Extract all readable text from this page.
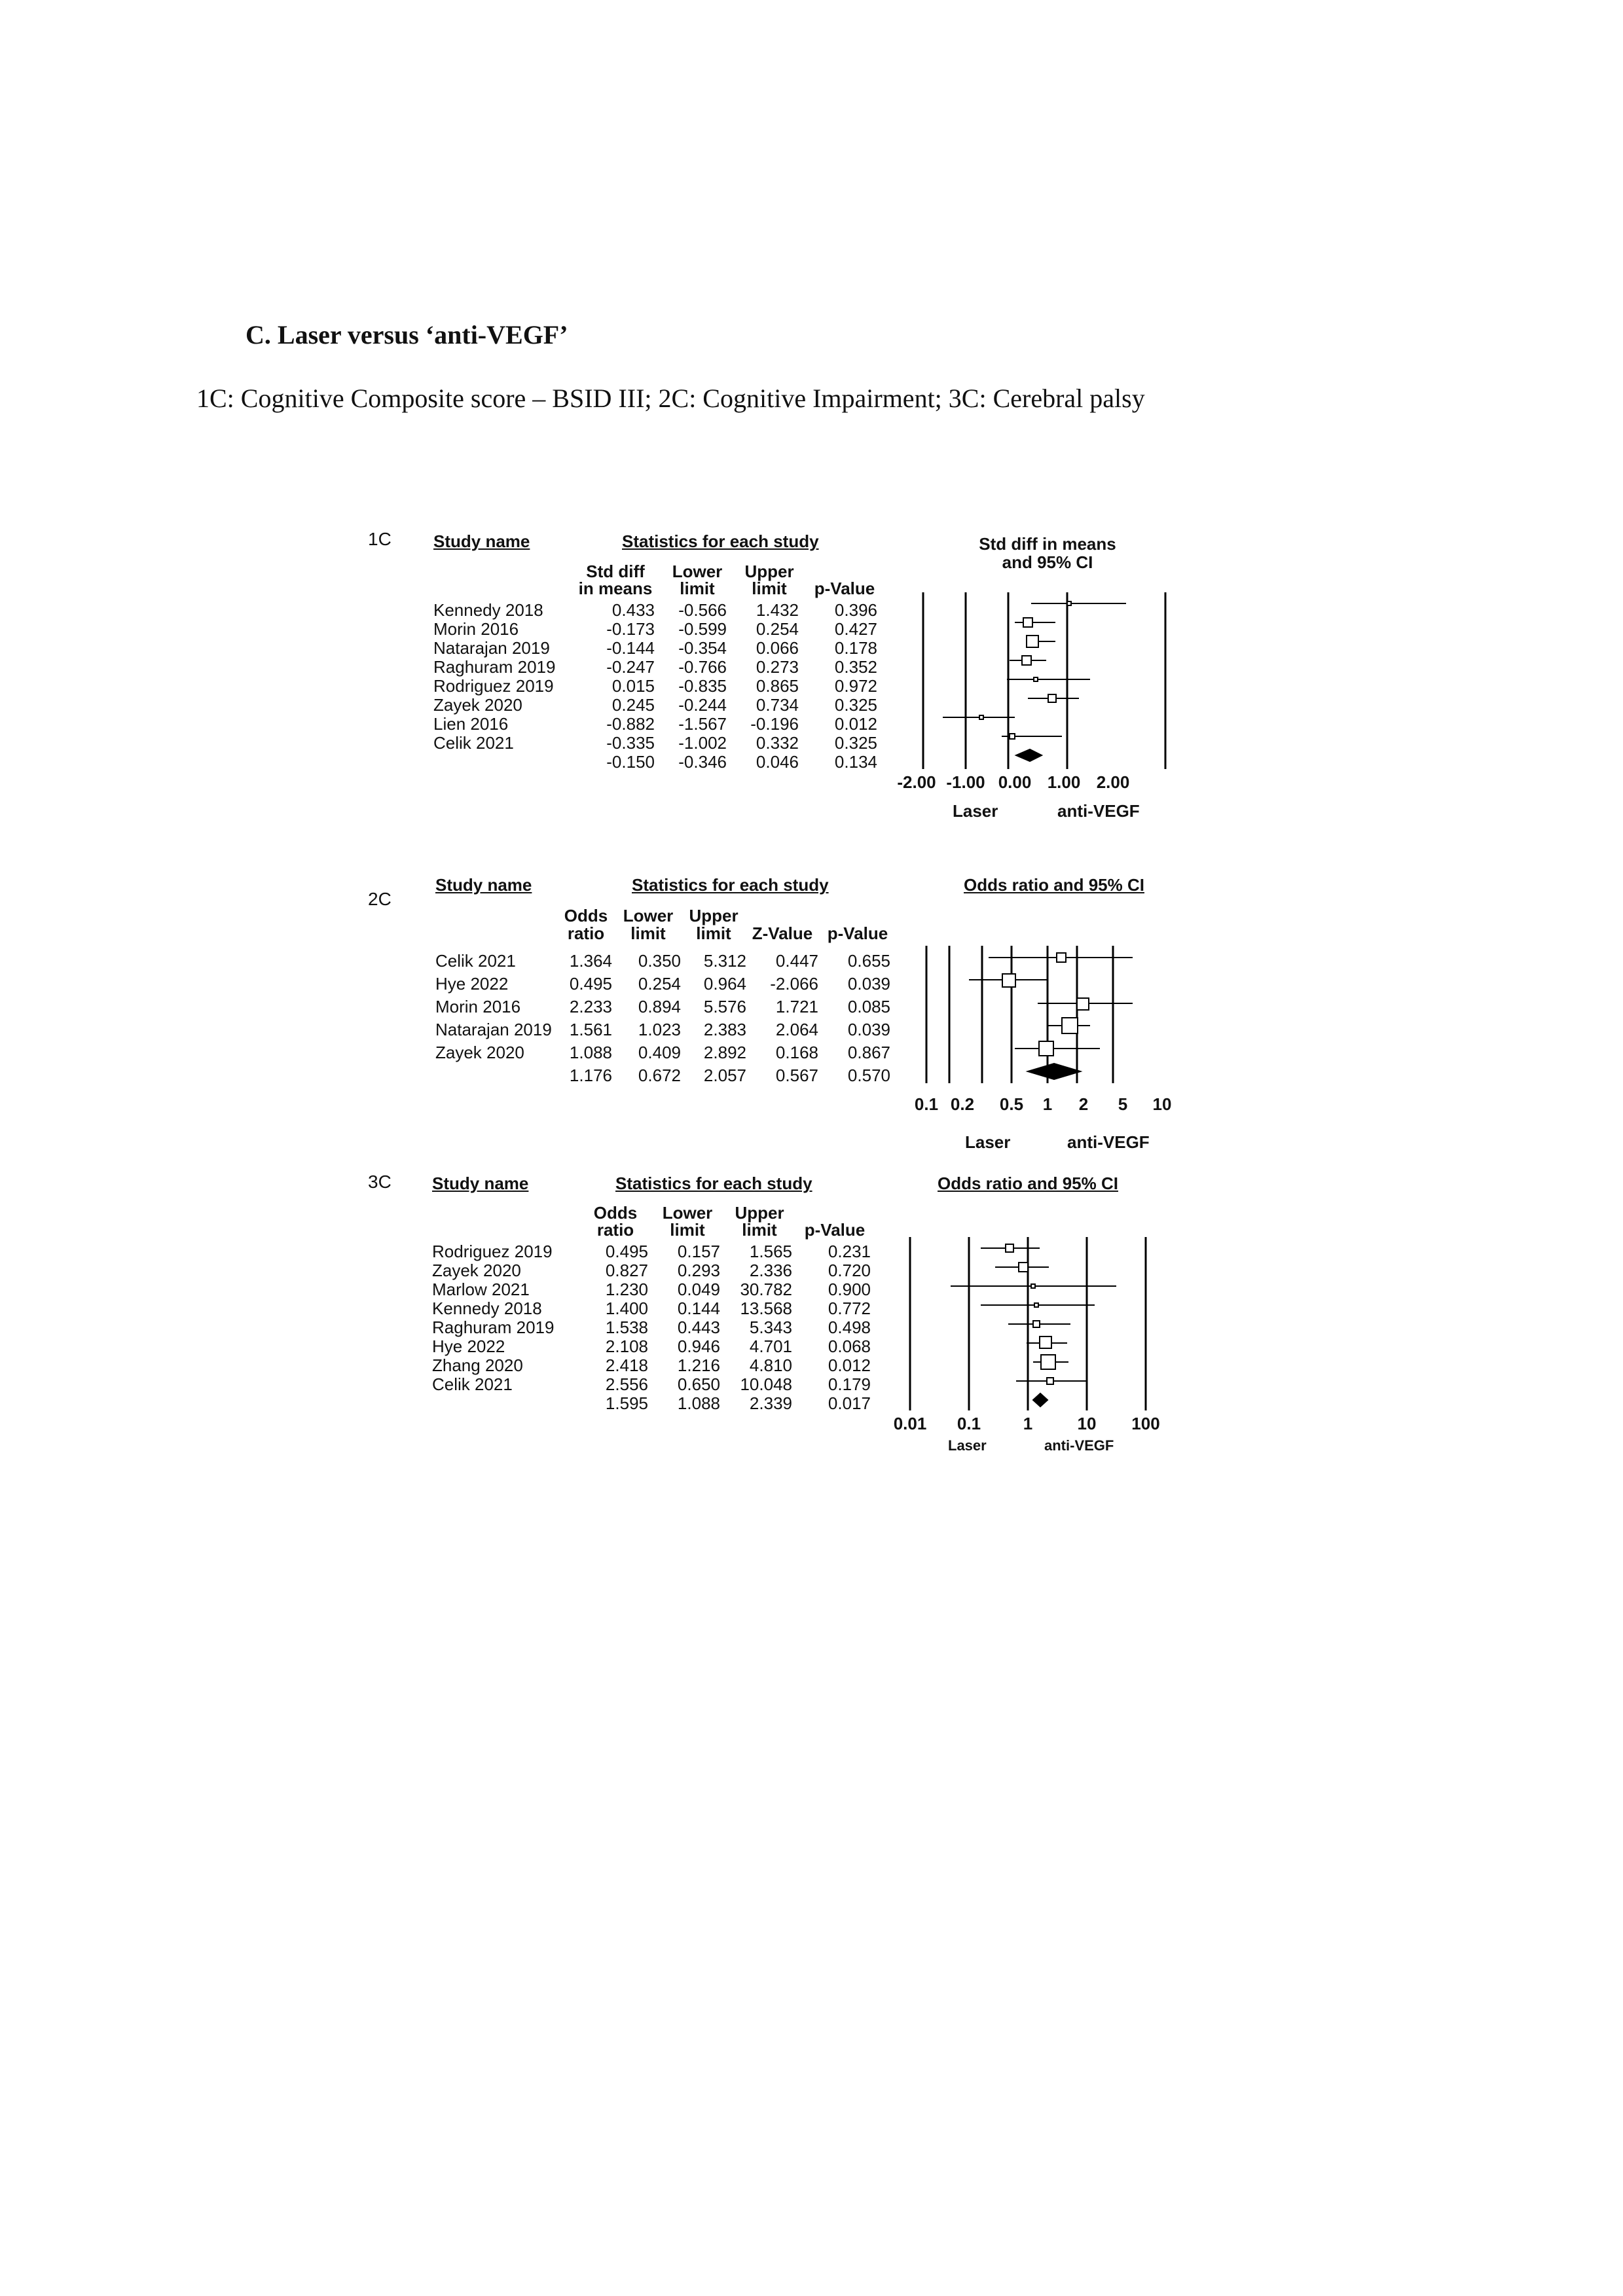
C. Laser versus ‘anti-VEGF’
1C: Cognitive Composite score – BSID III; 2C: Cognitive Impairment; 3C: Cerebral palsy
1C Study name	Statistics for each study	Std diff in means
and 95% CI
Std diff
in means
Lower
limit
Upper
limit	p-Value
Kennedy 2018	0.433	-0.566	1.432	0.396
Morin 2016	-0.173	-0.599	0.254	0.427
Natarajan 2019	-0.144	-0.354	0.066	0.178
Raghuram 2019	-0.247	-0.766	0.273	0.352
Rodriguez 2019	0.015	-0.835	0.865	0.972
Zayek 2020	0.245	-0.244	0.734	0.325
Lien 2016	-0.882	-1.567	-0.196	0.012
Celik 2021	-0.335	-1.002	0.332	0.325
-0.150	-0.346	0.046	0.134
-2.00 -1.00 0.00 1.00 2.00
Laser	anti-VEGF
2C
Study name	Statistics for each study	Odds ratio and 95% CI
Odds
ratio
Lower
limit
Upper
limit	Z-Value p-Value
Celik 2021	1.364	0.350	5.312	0.447	0.655
Hye 2022	0.495	0.254	0.964	-2.066	0.039
Morin 2016	2.233	0.894	5.576	1.721	0.085
Natarajan 2019	1.561	1.023	2.383	2.064	0.039
Zayek 2020	1.088	0.409	2.892	0.168	0.867
1.176	0.672	2.057	0.567	0.570
0.1 0.2 0.5	1	2	5	10
Laser	anti-VEGF
3C Study name	Statistics for each study	Odds ratio and 95% CI
Odds
ratio
Lower
limit
Upper
limit	p-Value
Rodriguez 2019	0.495	0.157	1.565	0.231
Zayek 2020	0.827	0.293	2.336	0.720
Marlow 2021	1.230	0.049	30.782	0.900
Kennedy 2018	1.400	0.144	13.568	0.772
Raghuram 2019	1.538	0.443	5.343	0.498
Hye 2022	2.108	0.946	4.701	0.068
Zhang 2020	2.418	1.216	4.810	0.012
Celik 2021	2.556	0.650	10.048	0.179
1.595	1.088	2.339	0.017
0.01	0.1	1	10	100
Laser	anti-VEGF
